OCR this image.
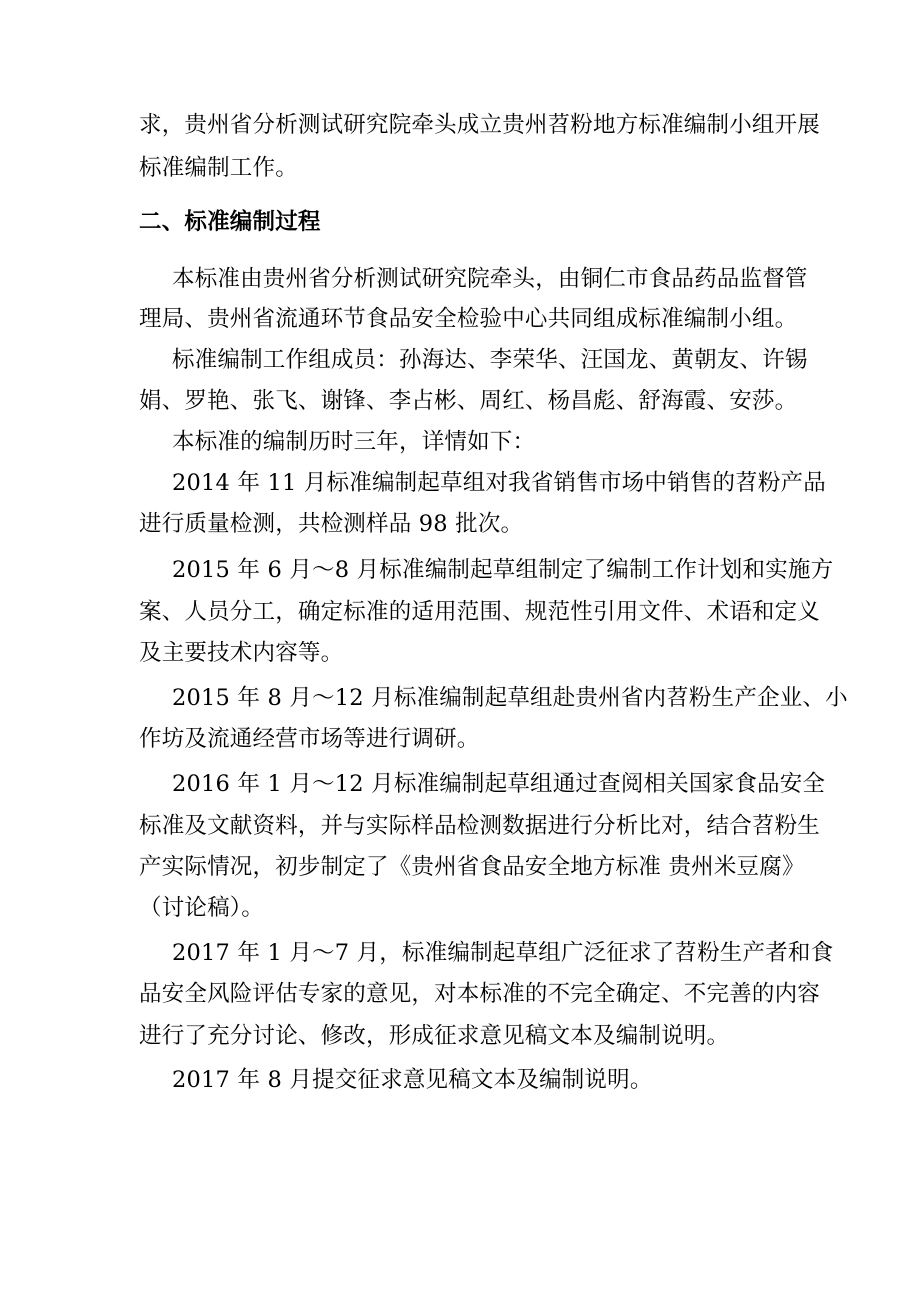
求，贵州省分析测试研究院牵头成立贵州苕粉地方标准编制小组开展
标准编制工作。
二、标准编制过程
本标准由贵州省分析测试研究院牵头，由铜仁市食品药品监督管
理局、贵州省流通环节食品安全检验中心共同组成标准编制小组。
标准编制工作组成员：孙海达、李荣华、汪国龙、黄朝友、许锡
娟、罗艳、张飞、谢锋、李占彬、周红、杨昌彪、舒海霞、安莎。
本标准的编制历时三年，详情如下：
2014 年 11 月标准编制起草组对我省销售市场中销售的苕粉产品
进行质量检测，共检测样品 98 批次。
2015 年 6 月～8 月标准编制起草组制定了编制工作计划和实施方
案、人员分工，确定标准的适用范围、规范性引用文件、术语和定义
及主要技术内容等。
2015 年 8 月～12 月标准编制起草组赴贵州省内苕粉生产企业、小
作坊及流通经营市场等进行调研。
2016 年 1 月～12 月标准编制起草组通过查阅相关国家食品安全
标准及文献资料，并与实际样品检测数据进行分析比对，结合苕粉生
产实际情况，初步制定了《贵州省食品安全地方标准 贵州米豆腐》
（讨论稿）。
2017 年 1 月～7 月，标准编制起草组广泛征求了苕粉生产者和食
品安全风险评估专家的意见，对本标准的不完全确定、不完善的内容
进行了充分讨论、修改，形成征求意见稿文本及编制说明。
2017 年 8 月提交征求意见稿文本及编制说明。
